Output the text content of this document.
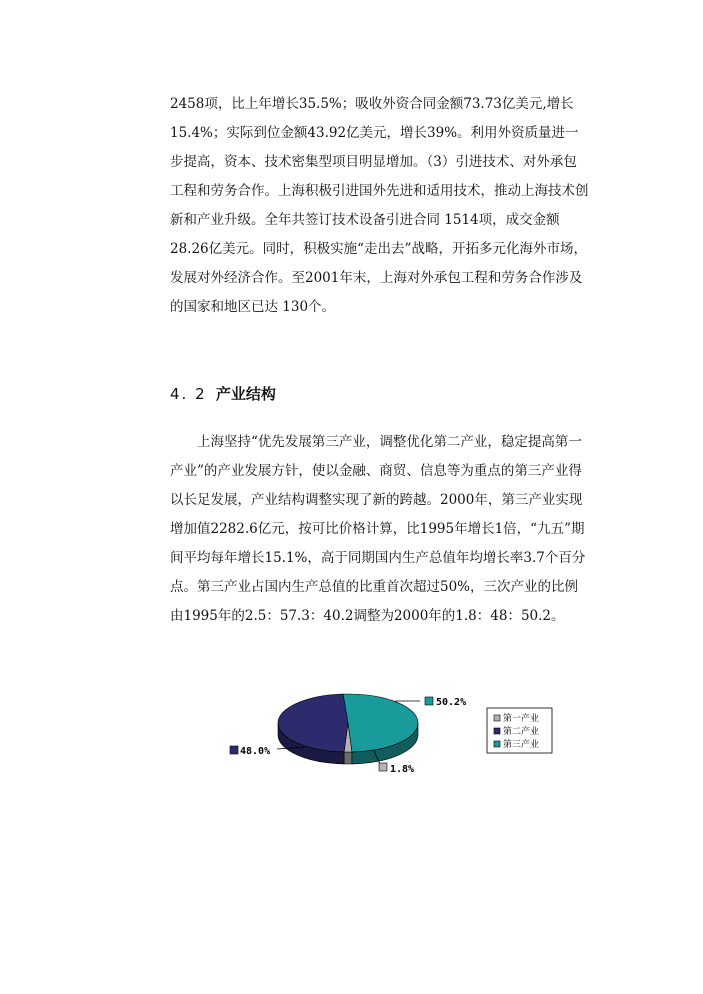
2458项，比上年增长35.5%；吸收外资合同金额73.73亿美元,增长15.4%；实际到位金额43.92亿美元，增长39%。利用外资质量进一步提高，资本、技术密集型项目明显增加。（3）引进技术、对外承包工程和劳务合作。上海积极引进国外先进和适用技术，推动上海技术创新和产业升级。全年共签订技术设备引进合同 1514项，成交金额28.26亿美元。同时，积极实施“走出去”战略，开拓多元化海外市场，发展对外经济合作。至2001年末，上海对外承包工程和劳务合作涉及的国家和地区已达 130个。

4. 2 产业结构

上海坚持“优先发展第三产业，调整优化第二产业，稳定提高第一产业”的产业发展方针，使以金融、商贸、信息等为重点的第三产业得以长足发展，产业结构调整实现了新的跨越。2000年，第三产业实现增加值2282.6亿元，按可比价格计算，比1995年增长1倍，“九五”期间平均每年增长15.1%，高于同期国内生产总值年均增长率3.7个百分点。第三产业占国内生产总值的比重首次超过50%，三次产业的比例由1995年的2.5：57.3：40.2调整为2000年的1.8：48：50.2。

50.2%
48.0%
1.8%
第一产业
第二产业
第三产业
